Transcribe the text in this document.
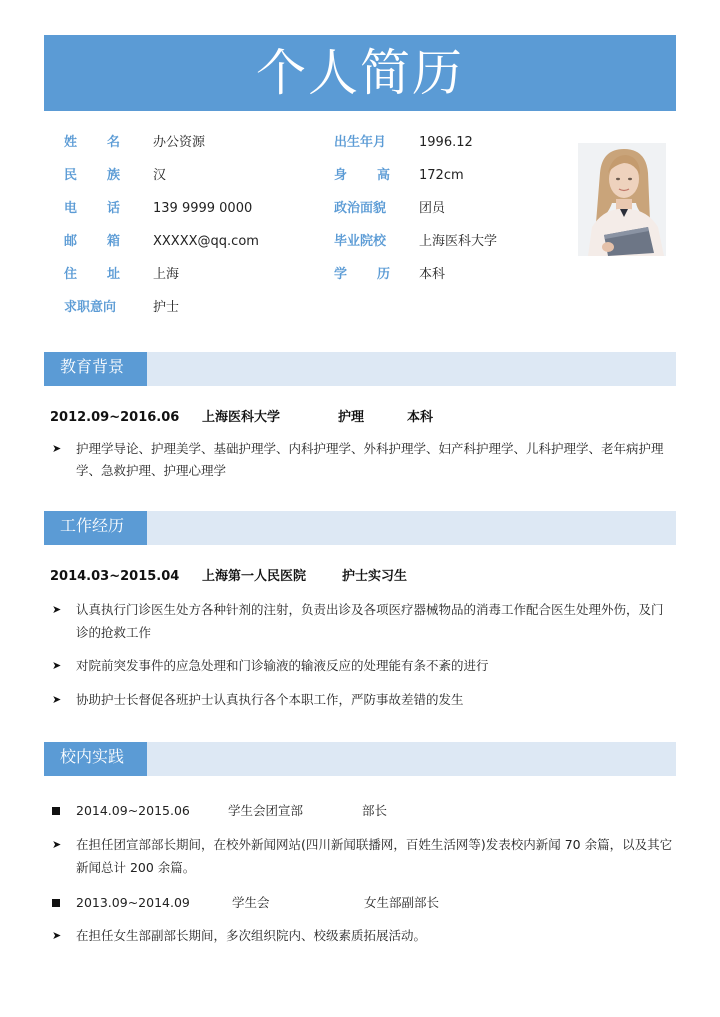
个人简历
姓 名	办公资源
民 族	汉
电 话	139 9999 0000
邮 箱	XXXXX@qq.com
住 址	上海
求职意向	护士
出生年月	1996.12
身 高 172cm
政治面貌	团员
毕业院校	上海医科大学
学 历 本科
教育背景
2012.09~2016.06 上海医科大学	护理	本科
➤	护理学导论、护理美学、基础护理学、内科护理学、外科护理学、妇产科护理学、儿科护理学、老年病护理学、急救护理、护理心理学
工作经历
2014.03~2015.04 上海第一人民医院	护士实习生
➤	认真执行门诊医生处方各种针剂的注射，负责出诊及各项医疗器械物品的消毒工作配合医生处理外伤，及门诊的抢救工作
➤	对院前突发事件的应急处理和门诊输液的输液反应的处理能有条不紊的进行
➤	协助护士长督促各班护士认真执行各个本职工作，严防事故差错的发生
校内实践
2014.09~2015.06	学生会团宣部	部长
➤	在担任团宣部部长期间，在校外新闻网站(四川新闻联播网，百姓生活网等)发表校内新闻 70 余篇，以及其它新闻总计 200 余篇。
2013.09~2014.09	学生会	女生部副部长
➤	在担任女生部副部长期间，多次组织院内、校级素质拓展活动。
